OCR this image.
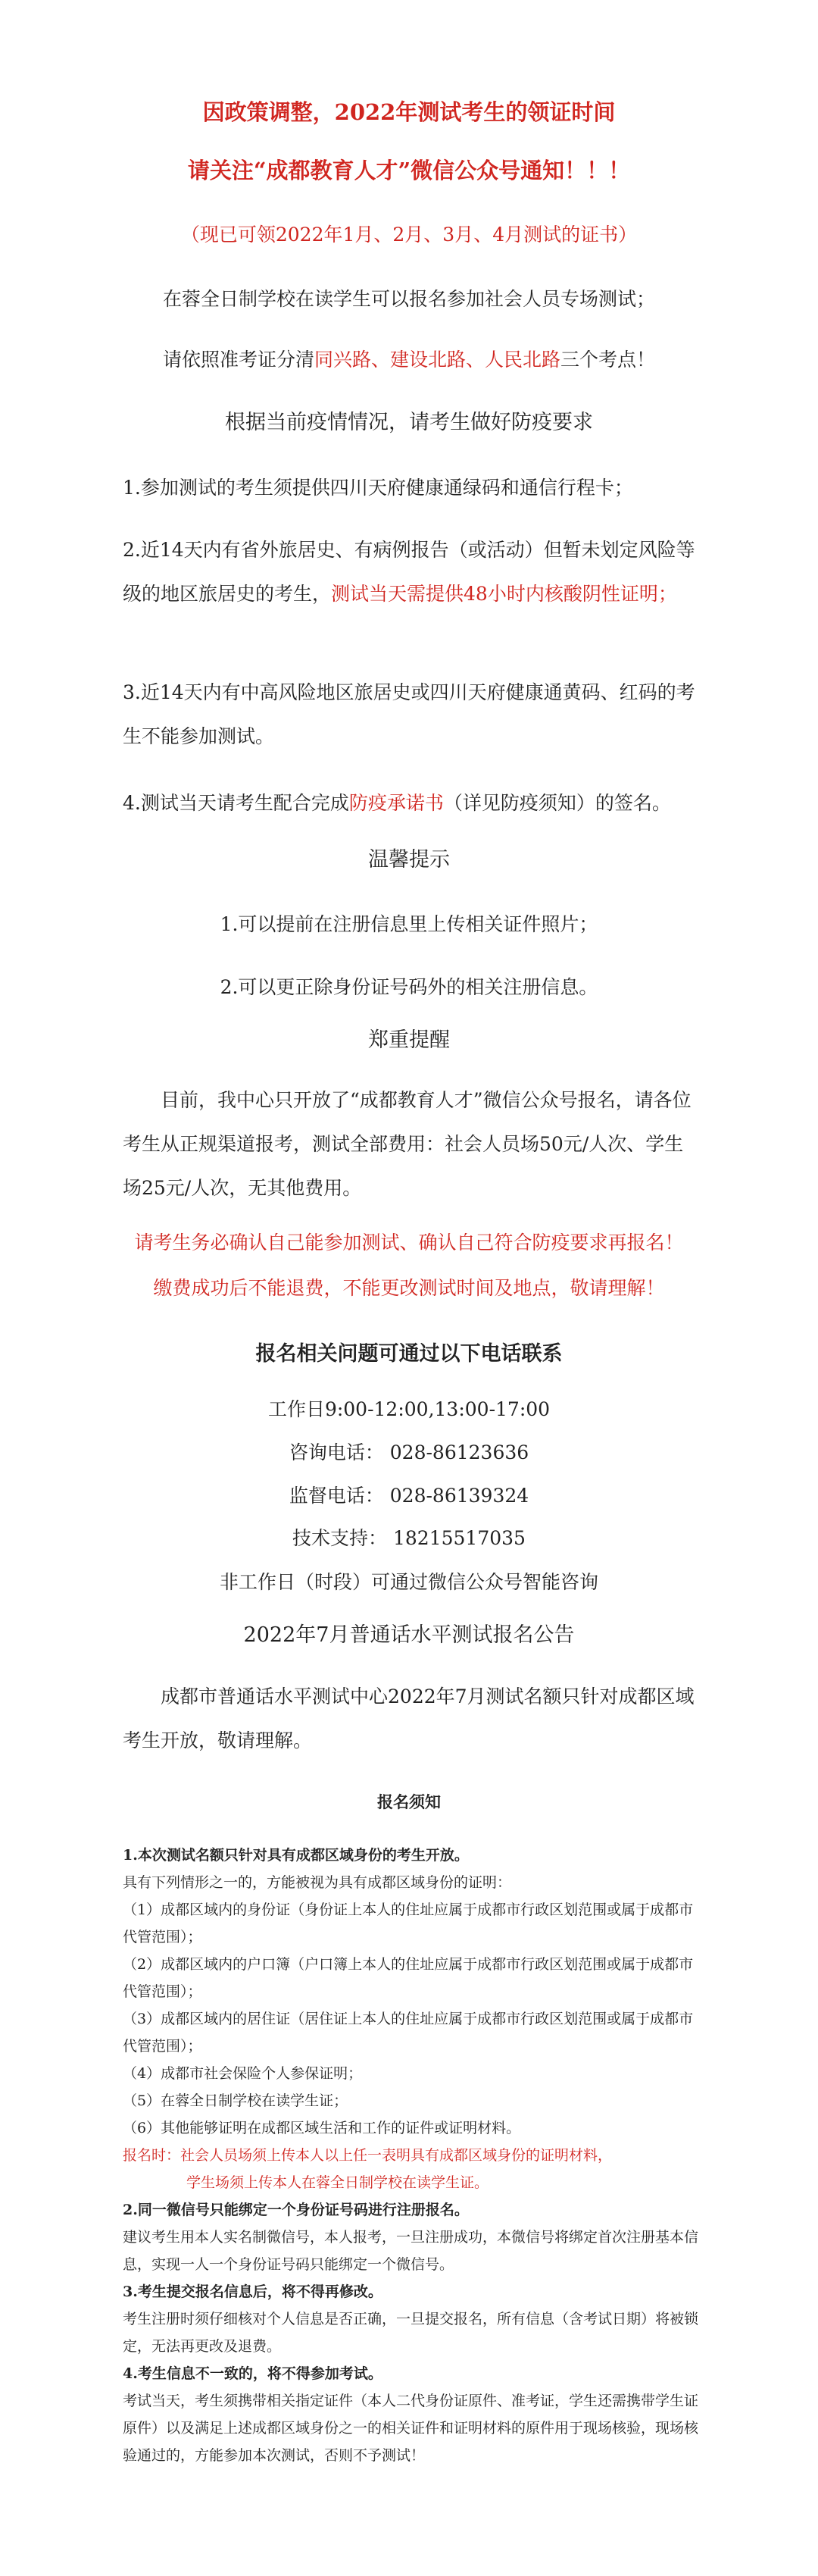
因政策调整，2022年测试考生的领证时间

请关注“成都教育人才”微信公众号通知！！！

（现已可领2022年1月、2月、3月、4月测试的证书）

在蓉全日制学校在读学生可以报名参加社会人员专场测试；

请依照准考证分清同兴路、建设北路、人民北路三个考点！

根据当前疫情情况，请考生做好防疫要求

1.参加测试的考生须提供四川天府健康通绿码和通信行程卡；

2.近14天内有省外旅居史、有病例报告（或活动）但暂未划定风险等级的地区旅居史的考生，测试当天需提供48小时内核酸阴性证明；

3.近14天内有中高风险地区旅居史或四川天府健康通黄码、红码的考生不能参加测试。

4.测试当天请考生配合完成防疫承诺书（详见防疫须知）的签名。

温馨提示

1.可以提前在注册信息里上传相关证件照片；

2.可以更正除身份证号码外的相关注册信息。

郑重提醒

目前，我中心只开放了“成都教育人才”微信公众号报名，请各位考生从正规渠道报考，测试全部费用：社会人员场50元/人次、学生场25元/人次，无其他费用。

请考生务必确认自己能参加测试、确认自己符合防疫要求再报名！

缴费成功后不能退费，不能更改测试时间及地点，敬请理解！

报名相关问题可通过以下电话联系

工作日9:00-12:00,13:00-17:00

咨询电话： 028-86123636

监督电话： 028-86139324

技术支持： 18215517035

非工作日（时段）可通过微信公众号智能咨询

2022年7月普通话水平测试报名公告

成都市普通话水平测试中心2022年7月测试名额只针对成都区域考生开放，敬请理解。

报名须知

1.本次测试名额只针对具有成都区域身份的考生开放。
具有下列情形之一的，方能被视为具有成都区域身份的证明：
（1）成都区域内的身份证（身份证上本人的住址应属于成都市行政区划范围或属于成都市代管范围）；
（2）成都区域内的户口簿（户口簿上本人的住址应属于成都市行政区划范围或属于成都市代管范围）；
（3）成都区域内的居住证（居住证上本人的住址应属于成都市行政区划范围或属于成都市代管范围）；
（4）成都市社会保险个人参保证明；
（5）在蓉全日制学校在读学生证；
（6）其他能够证明在成都区域生活和工作的证件或证明材料。
报名时：社会人员场须上传本人以上任一表明具有成都区域身份的证明材料，
学生场须上传本人在蓉全日制学校在读学生证。
2.同一微信号只能绑定一个身份证号码进行注册报名。
建议考生用本人实名制微信号，本人报考，一旦注册成功，本微信号将绑定首次注册基本信息，实现一人一个身份证号码只能绑定一个微信号。
3.考生提交报名信息后，将不得再修改。
考生注册时须仔细核对个人信息是否正确，一旦提交报名，所有信息（含考试日期）将被锁定，无法再更改及退费。
4.考生信息不一致的，将不得参加考试。
考试当天，考生须携带相关指定证件（本人二代身份证原件、准考证，学生还需携带学生证原件）以及满足上述成都区域身份之一的相关证件和证明材料的原件用于现场核验，现场核验通过的，方能参加本次测试，否则不予测试！
